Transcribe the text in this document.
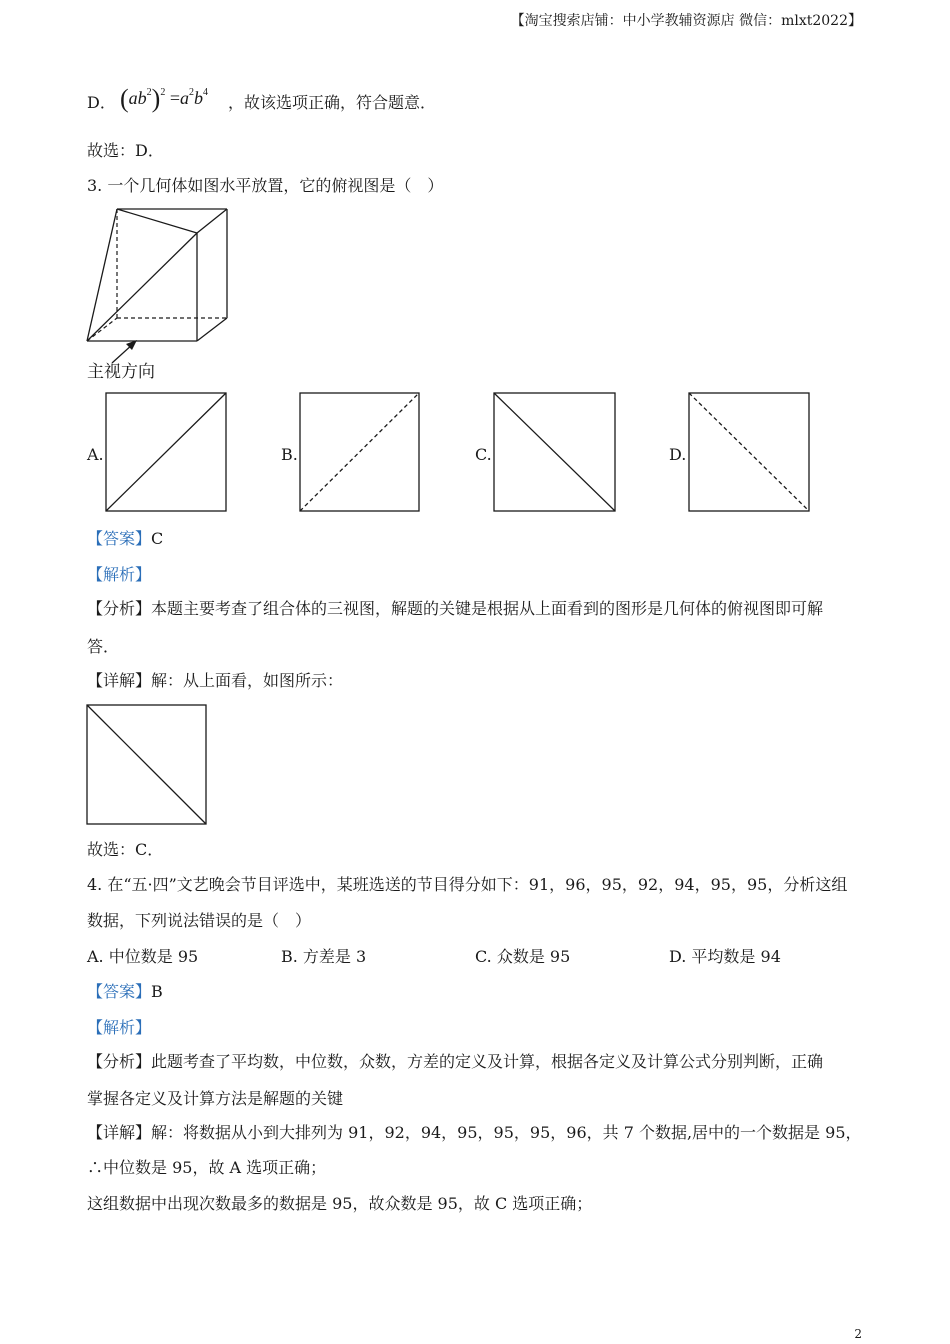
【淘宝搜索店铺：中小学教辅资源店 微信：mlxt2022】
D． $(ab^2)^2 =a^2b^4$
，故该选项正确，符合题意．
故选：D．
3. 一个几何体如图水平放置，它的俯视图是（　）
主视方向
A.	B.	C.	D.
【答案】C
【解析】
【分析】本题主要考查了组合体的三视图，解题的关键是根据从上面看到的图形是几何体的俯视图即可解
答．
【详解】解：从上面看，如图所示：
故选：C．
4. 在“五·四”文艺晚会节目评选中，某班选送的节目得分如下：91，96，95，92，94，95，95，分析这组
数据，下列说法错误的是（　）
A. 中位数是 95	B. 方差是 3	C. 众数是 95	D. 平均数是 94
【答案】B
【解析】
【分析】此题考查了平均数，中位数，众数，方差的定义及计算，根据各定义及计算公式分别判断，正确
掌握各定义及计算方法是解题的关键
【详解】解：将数据从小到大排列为 91，92，94，95，95，95，96，共 7 个数据,居中的一个数据是 95，
∴中位数是 95，故 A 选项正确；
这组数据中出现次数最多的数据是 95，故众数是 95，故 C 选项正确；
2
